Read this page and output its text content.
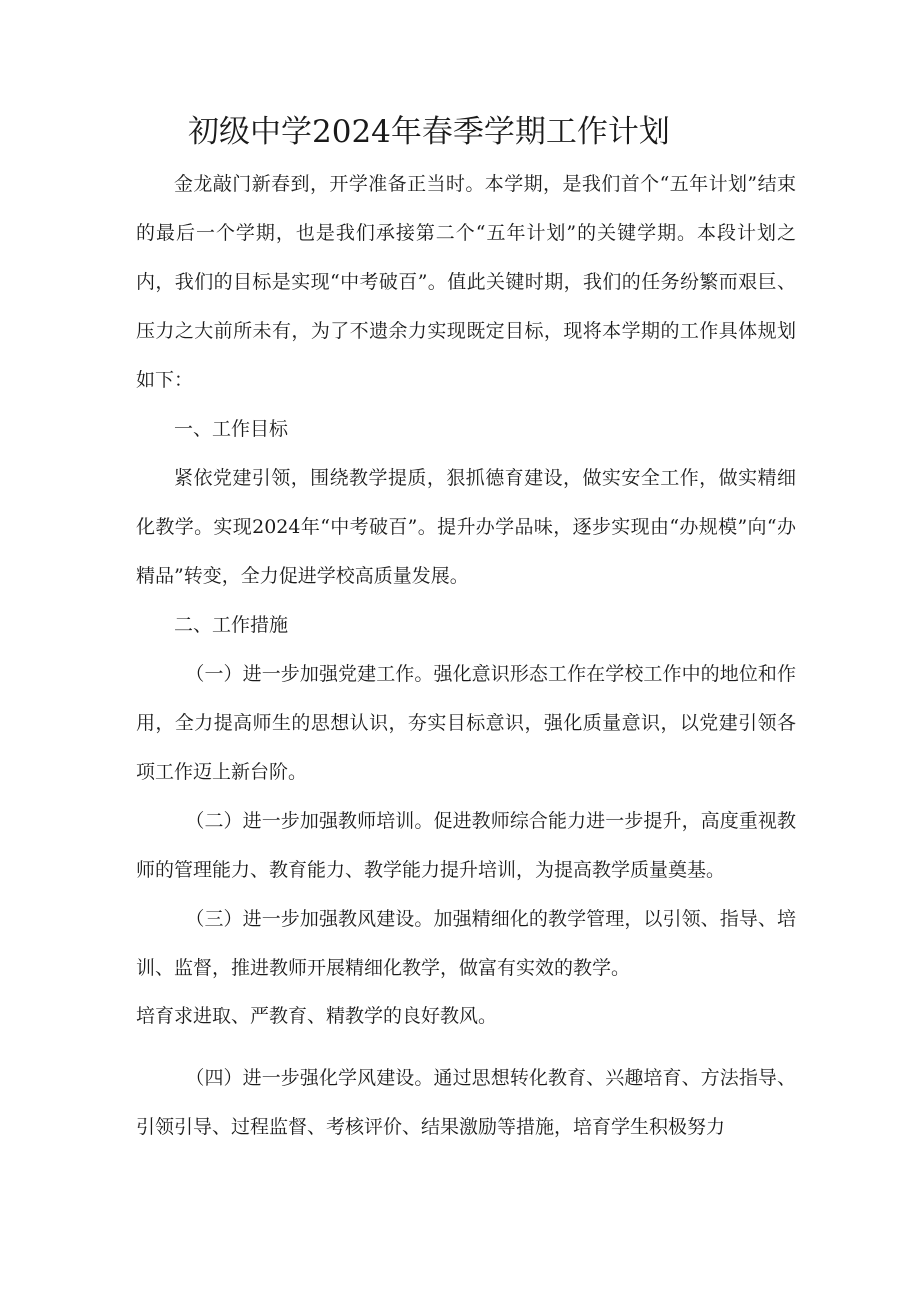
初级中学2024年春季学期工作计划

金龙敲门新春到，开学准备正当时。本学期，是我们首个“五年计划”结束的最后一个学期，也是我们承接第二个“五年计划”的关键学期。本段计划之内，我们的目标是实现“中考破百”。值此关键时期，我们的任务纷繁而艰巨、压力之大前所未有，为了不遗余力实现既定目标，现将本学期的工作具体规划如下：

一、工作目标

紧依党建引领，围绕教学提质，狠抓德育建设，做实安全工作，做实精细化教学。实现2024年“中考破百”。提升办学品味，逐步实现由“办规模”向“办精品”转变，全力促进学校高质量发展。

二、工作措施

（一）进一步加强党建工作。强化意识形态工作在学校工作中的地位和作用，全力提高师生的思想认识，夯实目标意识，强化质量意识，以党建引领各项工作迈上新台阶。

（二）进一步加强教师培训。促进教师综合能力进一步提升，高度重视教师的管理能力、教育能力、教学能力提升培训，为提高教学质量奠基。

（三）进一步加强教风建设。加强精细化的教学管理，以引领、指导、培训、监督，推进教师开展精细化教学，做富有实效的教学。

培育求进取、严教育、精教学的良好教风。

（四）进一步强化学风建设。通过思想转化教育、兴趣培育、方法指导、引领引导、过程监督、考核评价、结果激励等措施，培育学生积极努力
